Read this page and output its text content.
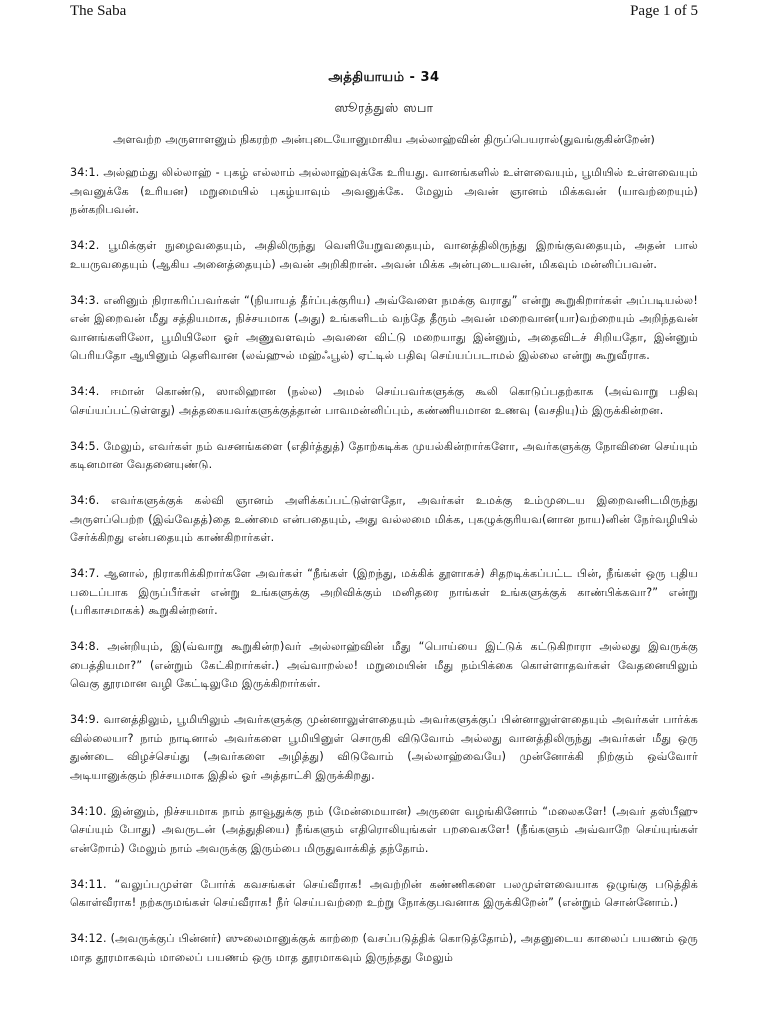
The Saba	Page 1 of 5
அத்தியாயம் - 34
ஸூரத்துஸ் ஸபா
அளவற்ற அருளாளனும் நிகரற்ற அன்புடையோனுமாகிய அல்லாஹ்வின் திருப்பெயரால்(துவங்குகின்றேன்)

34:1. அல்ஹம்து லில்லாஹ் - புகழ் எல்லாம் அல்லாஹ்வுக்கே உரியது. வானங்களில் உள்ளவையும், பூமியில் உள்ளவையும் அவனுக்கே (உரியன) மறுமையில் புகழ்யாவும் அவனுக்கே. மேலும் அவன் ஞானம் மிக்கவன் (யாவற்றையும்) நன்கறிபவன்.

34:2. பூமிக்குள் நுழைவதையும், அதிலிருந்து வெளியேறுவதையும், வானத்திலிருந்து இறங்குவதையும், அதன் பால் உயருவதையும் (ஆகிய அனைத்தையும்) அவன் அறிகிறான். அவன் மிக்க அன்புடையவன், மிகவும் மன்னிப்பவன்.

34:3. எனினும் நிராகரிப்பவர்கள் “(நியாயத் தீர்ப்புக்குரிய) அவ்வேளை நமக்கு வராது” என்று கூறுகிறார்கள் அப்படியல்ல! என் இறைவன் மீது சத்தியமாக, நிச்சயமாக (அது) உங்களிடம் வந்தே தீரும் அவன் மறைவான(யா)வற்றையும் அறிந்தவன் வானங்களிலோ, பூமியிலோ ஓர் அணுவளவும் அவனை விட்டு மறையாது இன்னும், அதைவிடச் சிறியதோ, இன்னும் பெரியதோ ஆயினும் தெளிவான (லவ்ஹுல் மஹ்ஃபூல்) ஏட்டில் பதிவு செய்யப்படாமல் இல்லை என்று கூறுவீராக.

34:4. ஈமான் கொண்டு, ஸாலிஹான (நல்ல) அமல் செய்பவர்களுக்கு கூலி கொடுப்பதற்காக (அவ்வாறு பதிவு செய்யப்பட்டுள்ளது) அத்தகையவர்களுக்குத்தான் பாவமன்னிப்பும், கண்ணியமான உணவு (வசதியு)ம் இருக்கின்றன.

34:5. மேலும், எவர்கள் நம் வசனங்களை (எதிர்த்துத்) தோற்கடிக்க முயல்கின்றார்களோ, அவர்களுக்கு நோவினை செய்யும் கடினமான வேதனையுண்டு.

34:6. எவர்களுக்குக் கல்வி ஞானம் அளிக்கப்பட்டுள்ளதோ, அவர்கள் உமக்கு உம்முடைய இறைவனிடமிருந்து அருளப்பெற்ற (இவ்வேதத்)தை உண்மை என்பதையும், அது வல்லமை மிக்க, புகழுக்குரியவ(னான நாய)னின் நேர்வழியில் சேர்க்கிறது என்பதையும் காண்கிறார்கள்.

34:7. ஆனால், நிராகரிக்கிறார்களே அவர்கள் “நீங்கள் (இறந்து, மக்கிக் தூளாகச்) சிதறடிக்கப்பட்ட பின், நீங்கள் ஒரு புதிய படைப்பாக இருப்பீர்கள் என்று உங்களுக்கு அறிவிக்கும் மனிதரை நாங்கள் உங்களுக்குக் காண்பிக்கவா?” என்று (பரிகாசமாகக்) கூறுகின்றனர்.

34:8. அன்றியும், இ(வ்வாறு கூறுகின்ற)வர் அல்லாஹ்வின் மீது “பொய்யை இட்டுக் கட்டுகிறாரா அல்லது இவருக்கு பைத்தியமா?” (என்றும் கேட்கிறார்கள்.) அவ்வாறல்ல! மறுமையின் மீது நம்பிக்கை கொள்ளாதவர்கள் வேதனையிலும் வெகு தூரமான வழி கேட்டிலுமே இருக்கிறார்கள்.

34:9. வானத்திலும், பூமியிலும் அவர்களுக்கு முன்னாலுள்ளதையும் அவர்களுக்குப் பின்னாலுள்ளதையும் அவர்கள் பார்க்க வில்லையா? நாம் நாடினால் அவர்களை பூமியினுள் சொருகி விடுவோம் அல்லது வானத்திலிருந்து அவர்கள் மீது ஒரு துண்டை விழச்செய்து (அவர்களை அழித்து) விடுவோம் (அல்லாஹ்வையே) முன்னோக்கி நிற்கும் ஒவ்வோர் அடியானுக்கும் நிச்சயமாக இதில் ஓர் அத்தாட்சி இருக்கிறது.

34:10. இன்னும், நிச்சயமாக நாம் தாவூதுக்கு நம் (மேன்மையான) அருளை வழங்கினோம் “மலைகளே! (அவர் தஸ்பீஹு செய்யும் போது) அவருடன் (அத்துதியை) நீங்களும் எதிரொலியுங்கள் பறவைகளே! (நீங்களும் அவ்வாறே செய்யுங்கள் என்றோம்) மேலும் நாம் அவருக்கு இரும்பை மிருதுவாக்கித் தந்தோம்.

34:11. “வலுப்பமுள்ள போர்க் கவசங்கள் செய்வீராக! அவற்றின் கண்ணிகளை பலமுள்ளவையாக ஒழுங்கு படுத்திக் கொள்வீராக! நற்கருமங்கள் செய்வீராக! நீர் செய்பவற்றை உற்று நோக்குபவனாக இருக்கிறேன்” (என்றும் சொன்னோம்.)

34:12. (அவருக்குப் பின்னர்) ஸுலைமானுக்குக் காற்றை (வசப்படுத்திக் கொடுத்தோம்), அதனுடைய காலைப் பயணம் ஒரு மாத தூரமாகவும் மாலைப் பயணம் ஒரு மாத தூரமாகவும் இருந்தது மேலும்
